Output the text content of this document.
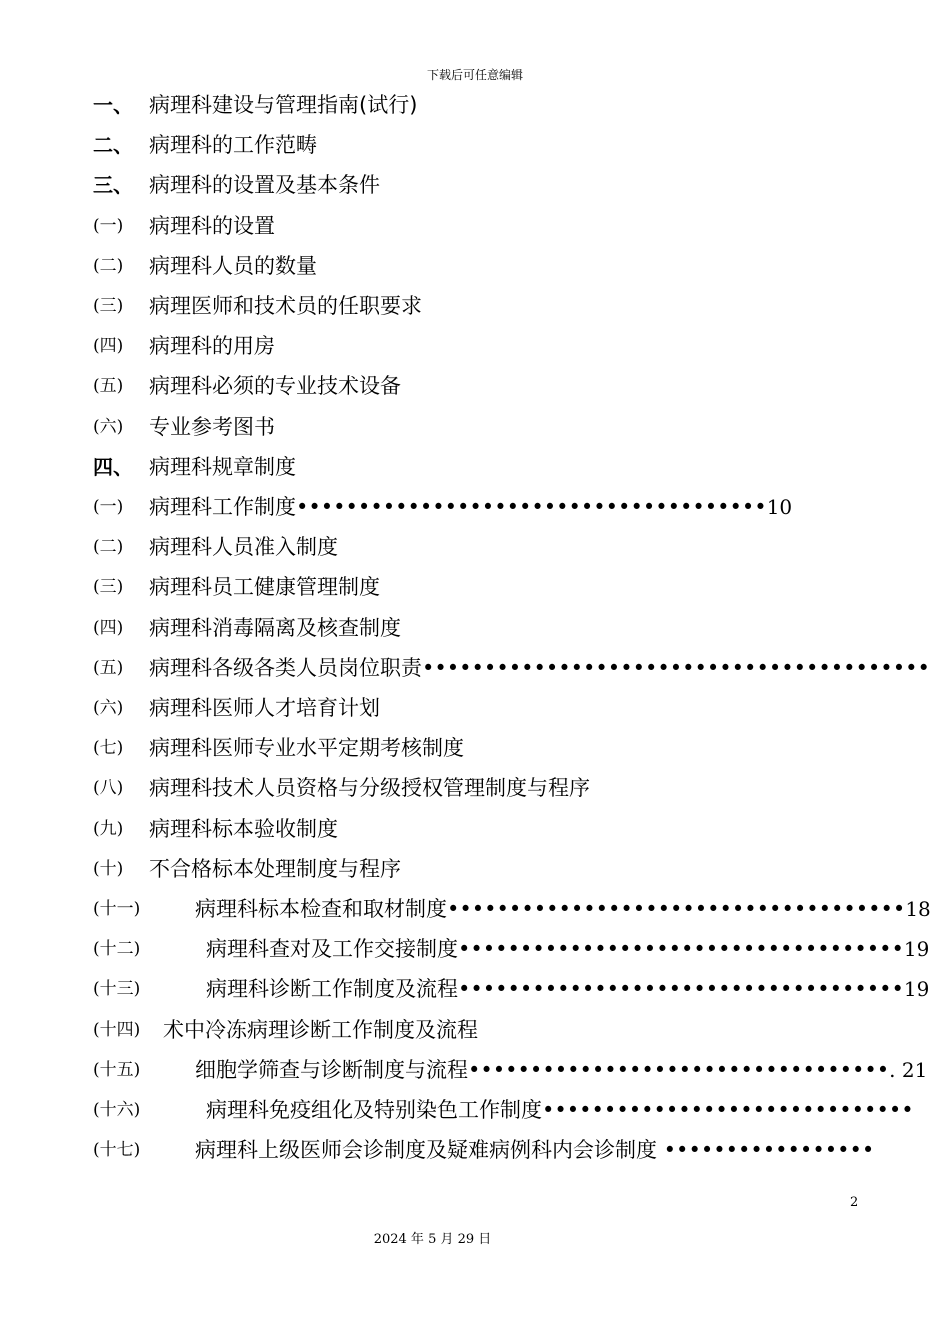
下载后可任意编辑
一、 病理科建设与管理指南(试行)
二、 病理科的工作范畴
三、 病理科的设置及基本条件
(一) 病理科的设置
(二) 病理科人员的数量
(三) 病理医师和技术员的任职要求
(四) 病理科的用房
(五) 病理科必须的专业技术设备
(六) 专业参考图书
四、 病理科规章制度
(一) 病理科工作制度••••••••••••••••••••••••••••••••••••••10
(二) 病理科人员准入制度
(三) 病理科员工健康管理制度
(四) 病理科消毒隔离及核查制度
(五) 病理科各级各类人员岗位职责•••••••••••••••••••••••••••••••••••••••••
(六) 病理科医师人才培育计划
(七) 病理科医师专业水平定期考核制度
(八) 病理科技术人员资格与分级授权管理制度与程序
(九) 病理科标本验收制度
(十) 不合格标本处理制度与程序
(十一)	病理科标本检查和取材制度•••••••••••••••••••••••••••••••••••••18
(十二)	病理科查对及工作交接制度••••••••••••••••••••••••••••••••••••19
(十三)	病理科诊断工作制度及流程••••••••••••••••••••••••••••••••••••19
(十四) 术中冷冻病理诊断工作制度及流程
(十五)	细胞学筛查与诊断制度与流程••••••••••••••••••••••••••••••••••. 21
(十六)	病理科免疫组化及特别染色工作制度••••••••••••••••••••••••••••••
(十七)	病理科上级医师会诊制度及疑难病例科内会诊制度 •••••••••••••••••
2
2024 年 5 月 29 日
